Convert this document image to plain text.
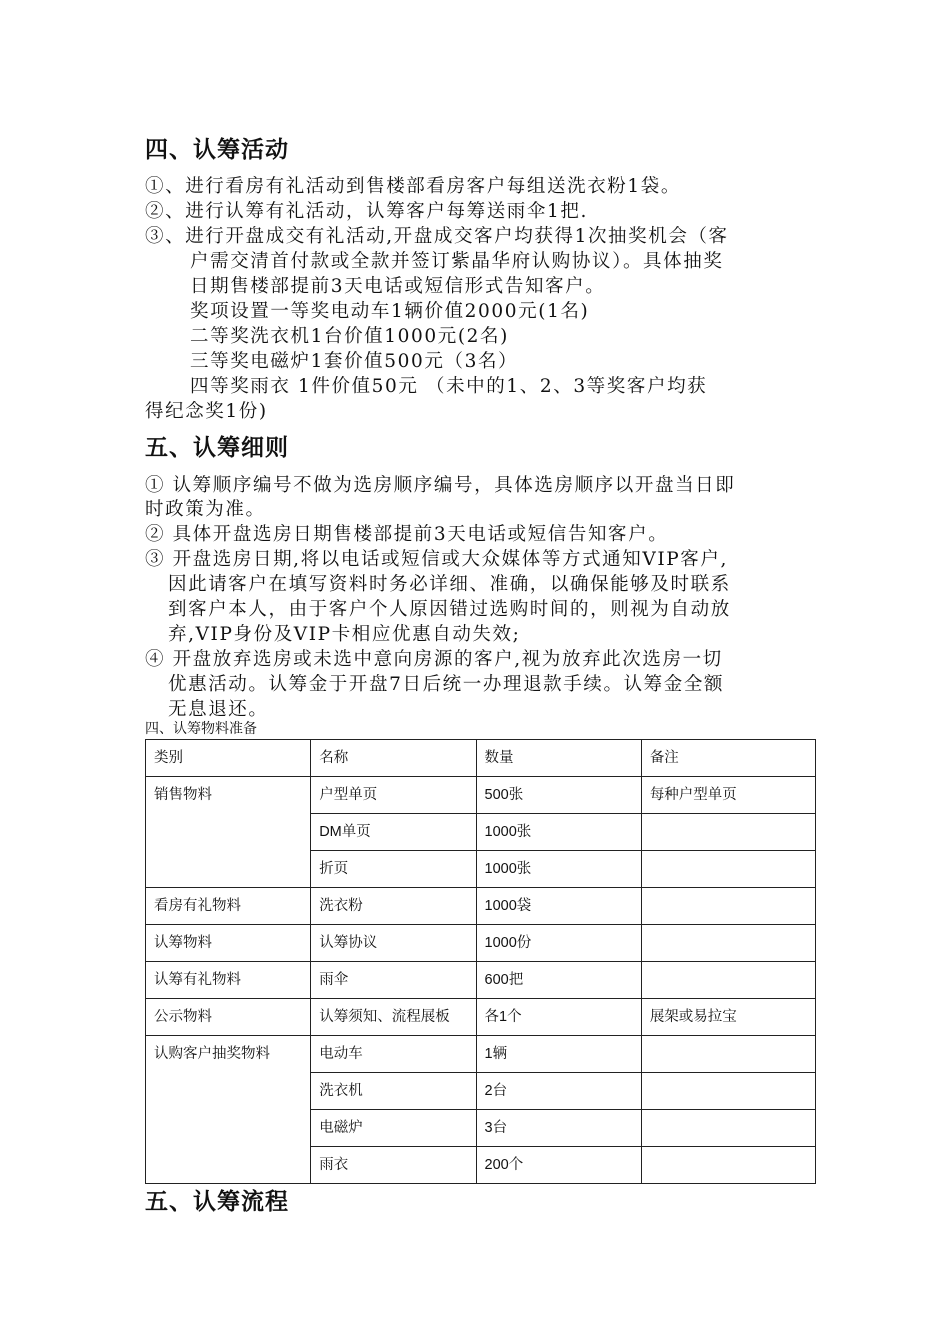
四、认筹活动

①、进行看房有礼活动到售楼部看房客户每组送洗衣粉1袋。

②、进行认筹有礼活动，认筹客户每筹送雨伞1把.

③、进行开盘成交有礼活动,开盘成交客户均获得1次抽奖机会（客

户需交清首付款或全款并签订紫晶华府认购协议）。具体抽奖

日期售楼部提前3天电话或短信形式告知客户。

奖项设置一等奖电动车1辆价值2000元(1名)

二等奖洗衣机1台价值1000元(2名)

三等奖电磁炉1套价值500元（3名）

四等奖雨衣 1件价值50元 （未中的1、2、3等奖客户均获

得纪念奖1份)

五、认筹细则

① 认筹顺序编号不做为选房顺序编号，具体选房顺序以开盘当日即

时政策为准。

② 具体开盘选房日期售楼部提前3天电话或短信告知客户。

③ 开盘选房日期,将以电话或短信或大众媒体等方式通知VIP客户,

因此请客户在填写资料时务必详细、准确，以确保能够及时联系

到客户本人，由于客户个人原因错过选购时间的，则视为自动放

弃,VIP身份及VIP卡相应优惠自动失效;

④ 开盘放弃选房或未选中意向房源的客户,视为放弃此次选房一切

优惠活动。认筹金于开盘7日后统一办理退款手续。认筹金全额

无息退还。

四、认筹物料准备

类别	名称	数量	备注
销售物料	户型单页	500张	每种户型单页
	DM单页	1000张	
	折页	1000张	
看房有礼物料	洗衣粉	1000袋	
认筹物料	认筹协议	1000份	
认筹有礼物料	雨伞	600把	
公示物料	认筹须知、流程展板	各1个	展架或易拉宝
认购客户抽奖物料	电动车	1辆	
	洗衣机	2台	
	电磁炉	3台	
	雨衣	200个	
五、认筹流程
